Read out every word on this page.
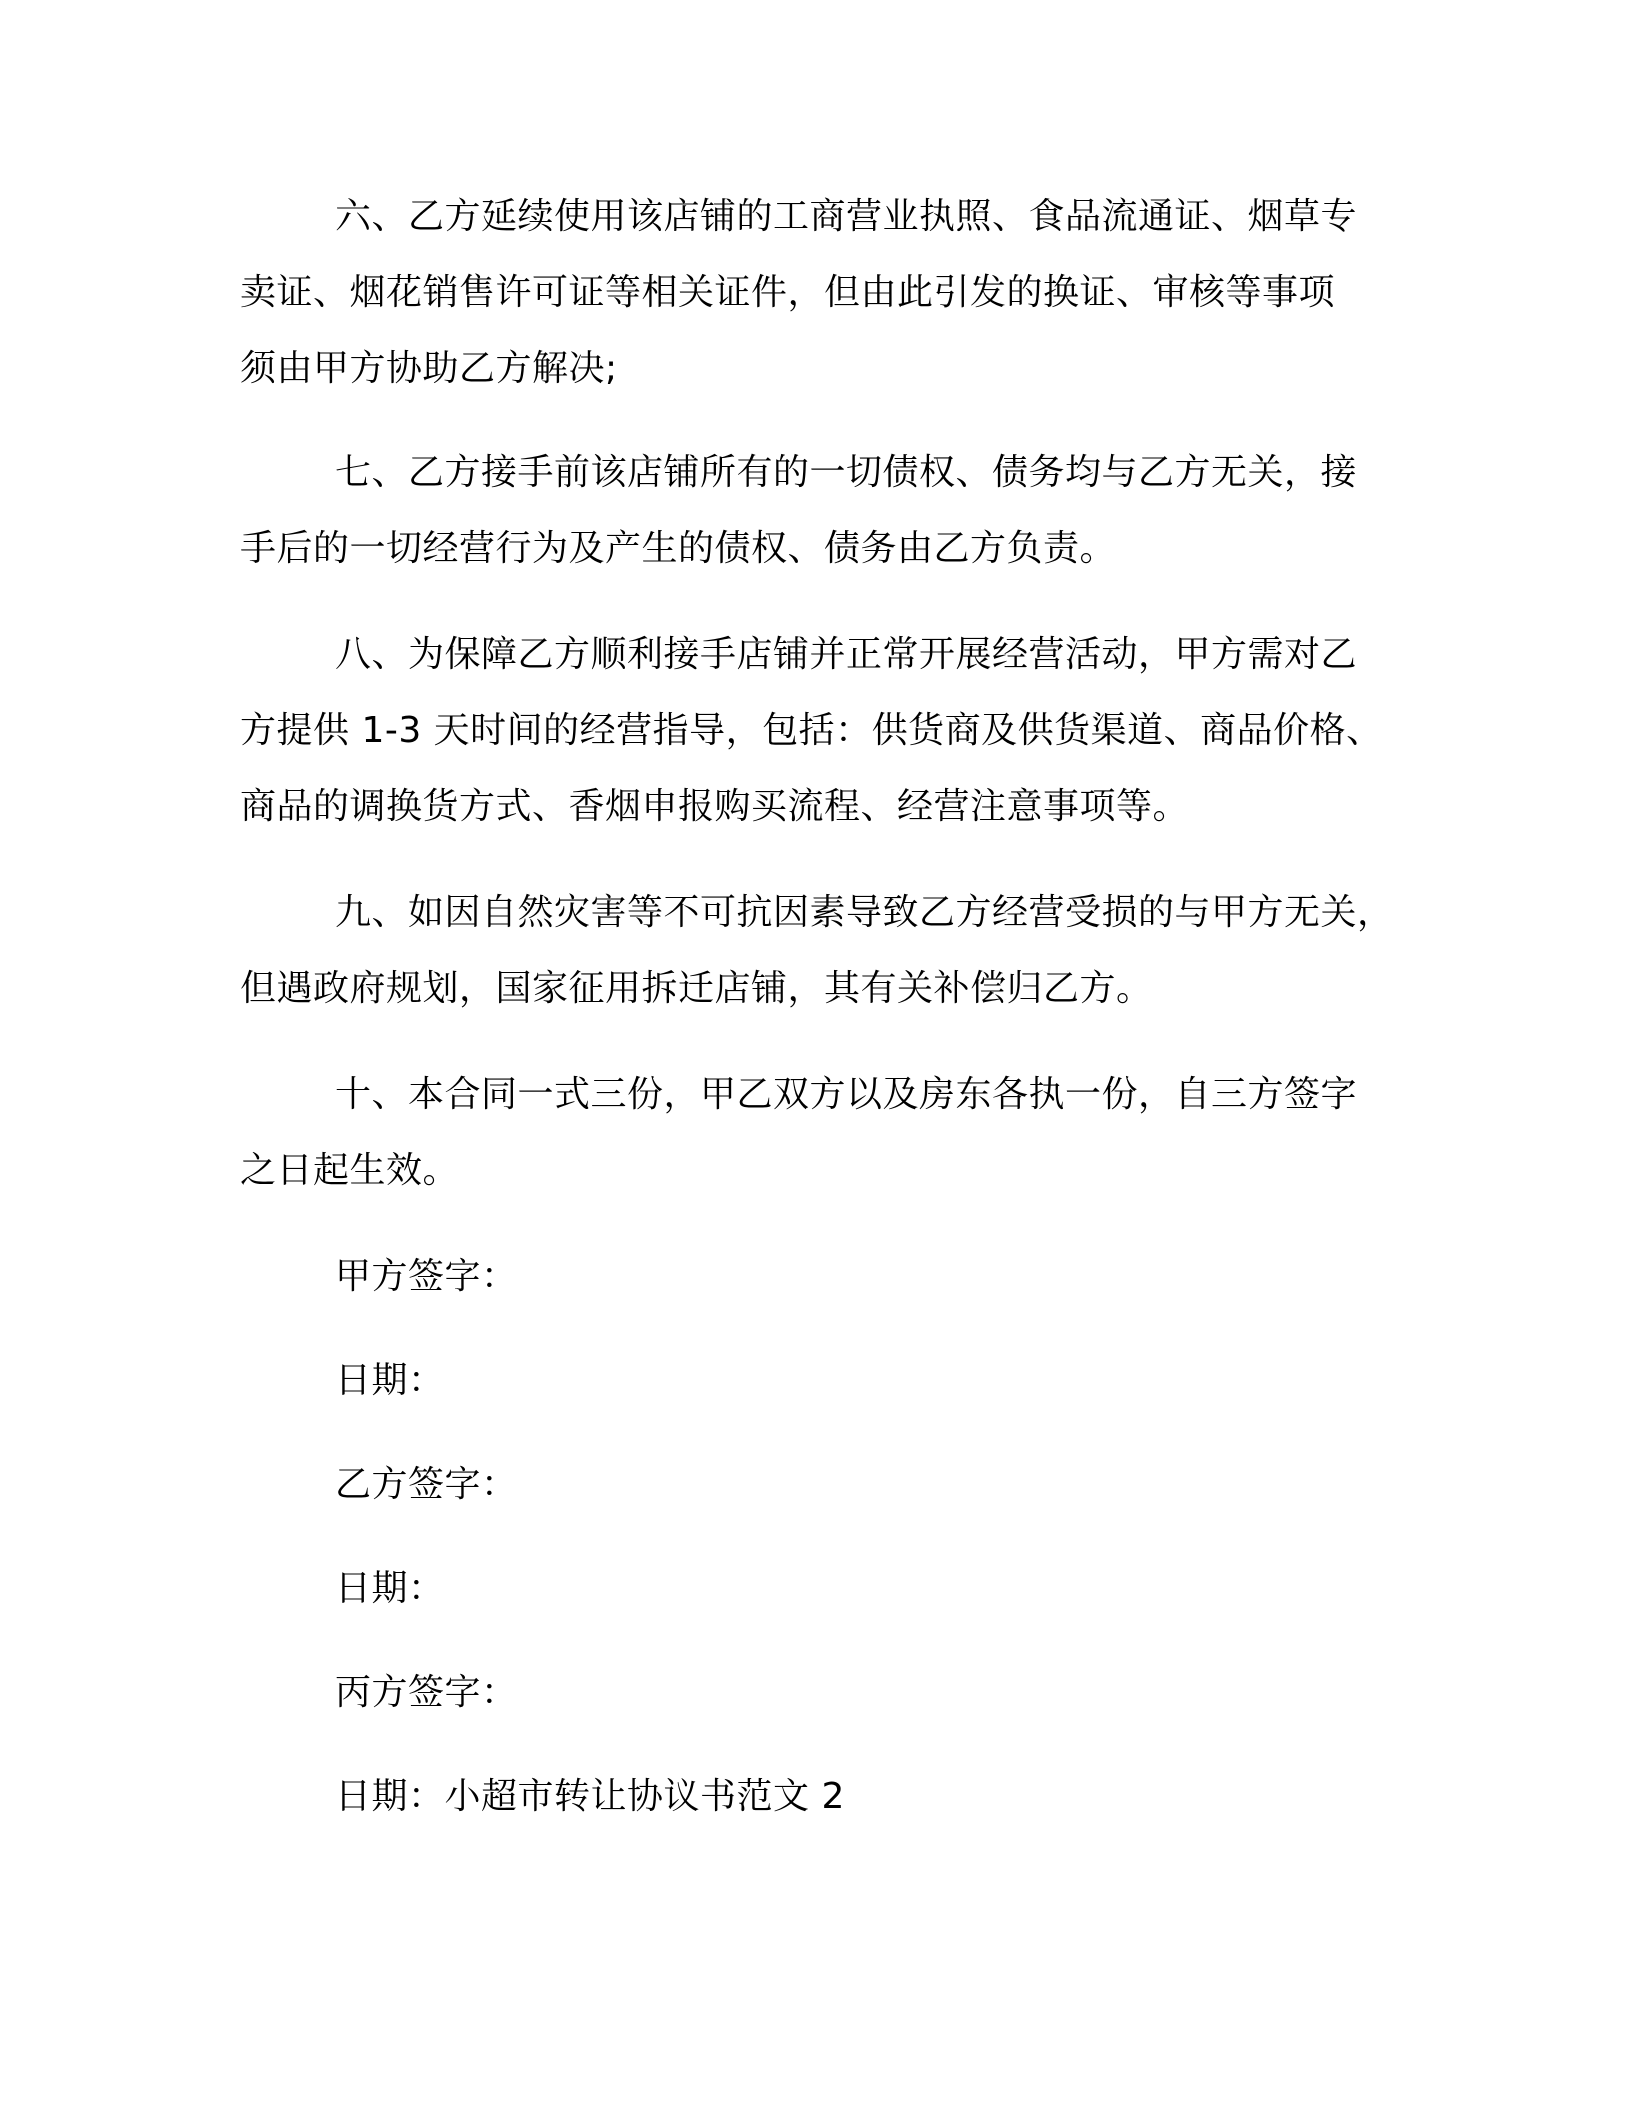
六、乙方延续使用该店铺的工商营业执照、食品流通证、烟草专
卖证、烟花销售许可证等相关证件，但由此引发的换证、审核等事项
须由甲方协助乙方解决;
七、乙方接手前该店铺所有的一切债权、债务均与乙方无关，接
手后的一切经营行为及产生的债权、债务由乙方负责。
八、为保障乙方顺利接手店铺并正常开展经营活动，甲方需对乙
方提供 1-3 天时间的经营指导，包括：供货商及供货渠道、商品价格、
商品的调换货方式、香烟申报购买流程、经营注意事项等。
九、如因自然灾害等不可抗因素导致乙方经营受损的与甲方无关，
但遇政府规划，国家征用拆迁店铺，其有关补偿归乙方。
十、本合同一式三份，甲乙双方以及房东各执一份，自三方签字
之日起生效。
甲方签字：
日期：
乙方签字：
日期：
丙方签字：
日期：小超市转让协议书范文 2
